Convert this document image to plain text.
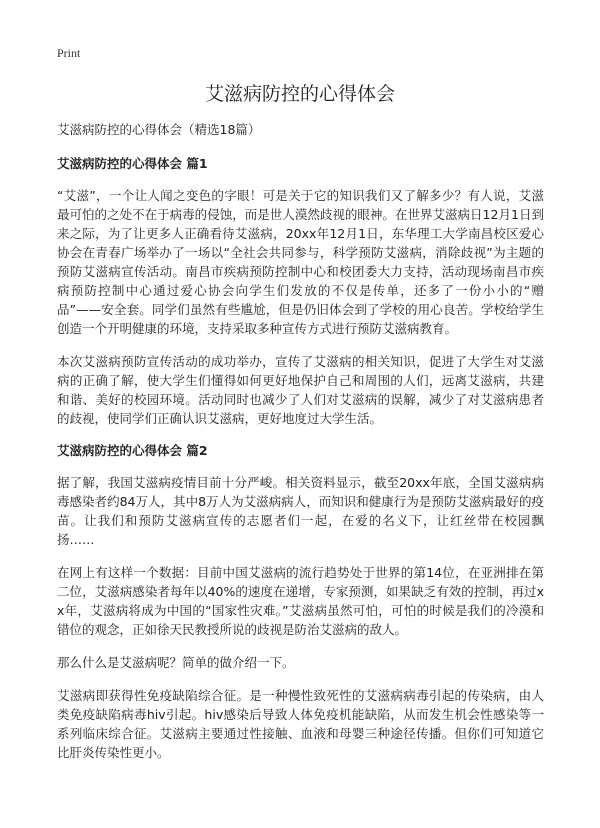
Print
艾滋病防控的心得体会

艾滋病防控的心得体会（精选18篇）

艾滋病防控的心得体会 篇1

“艾滋”，一个让人闻之变色的字眼！可是关于它的知识我们又了解多少？有人说，艾滋最可怕的之处不在于病毒的侵蚀，而是世人漠然歧视的眼神。在世界艾滋病日12月1日到来之际，为了让更多人正确看待艾滋病，20xx年12月1日，东华理工大学南昌校区爱心协会在青春广场举办了一场以“全社会共同参与，科学预防艾滋病，消除歧视”为主题的预防艾滋病宣传活动。南昌市疾病预防控制中心和校团委大力支持，活动现场南昌市疾病预防控制中心通过爱心协会向学生们发放的不仅是传单，还多了一份小小的“赠品”——安全套。同学们虽然有些尴尬，但是仍旧体会到了学校的用心良苦。学校给学生创造一个开明健康的环境，支持采取多种宣传方式进行预防艾滋病教育。

本次艾滋病预防宣传活动的成功举办，宣传了艾滋病的相关知识，促进了大学生对艾滋病的正确了解，使大学生们懂得如何更好地保护自己和周围的人们，远离艾滋病，共建和谐、美好的校园环境。活动同时也减少了人们对艾滋病的误解，减少了对艾滋病患者的歧视，使同学们正确认识艾滋病，更好地度过大学生活。

艾滋病防控的心得体会 篇2

据了解，我国艾滋病疫情目前十分严峻。相关资料显示，截至20xx年底，全国艾滋病病毒感染者约84万人，其中8万人为艾滋病病人，而知识和健康行为是预防艾滋病最好的疫苗。让我们和预防艾滋病宣传的志愿者们一起，在爱的名义下，让红丝带在校园飘扬……

在网上有这样一个数据：目前中国艾滋病的流行趋势处于世界的第14位，在亚洲排在第二位，艾滋病感染者每年以40%的速度在递增，专家预测，如果缺乏有效的控制，再过xx年，艾滋病将成为中国的“国家性灾难。”艾滋病虽然可怕，可怕的时候是我们的冷漠和错位的观念，正如徐天民教授所说的歧视是防治艾滋病的敌人。

那么什么是艾滋病呢？简单的做介绍一下。

艾滋病即获得性免疫缺陷综合征。是一种慢性致死性的艾滋病病毒引起的传染病，由人类免疫缺陷病毒hiv引起。hiv感染后导致人体免疫机能缺陷，从而发生机会性感染等一系列临床综合征。艾滋病主要通过性接触、血液和母婴三种途径传播。但你们可知道它比肝炎传染性更小。
